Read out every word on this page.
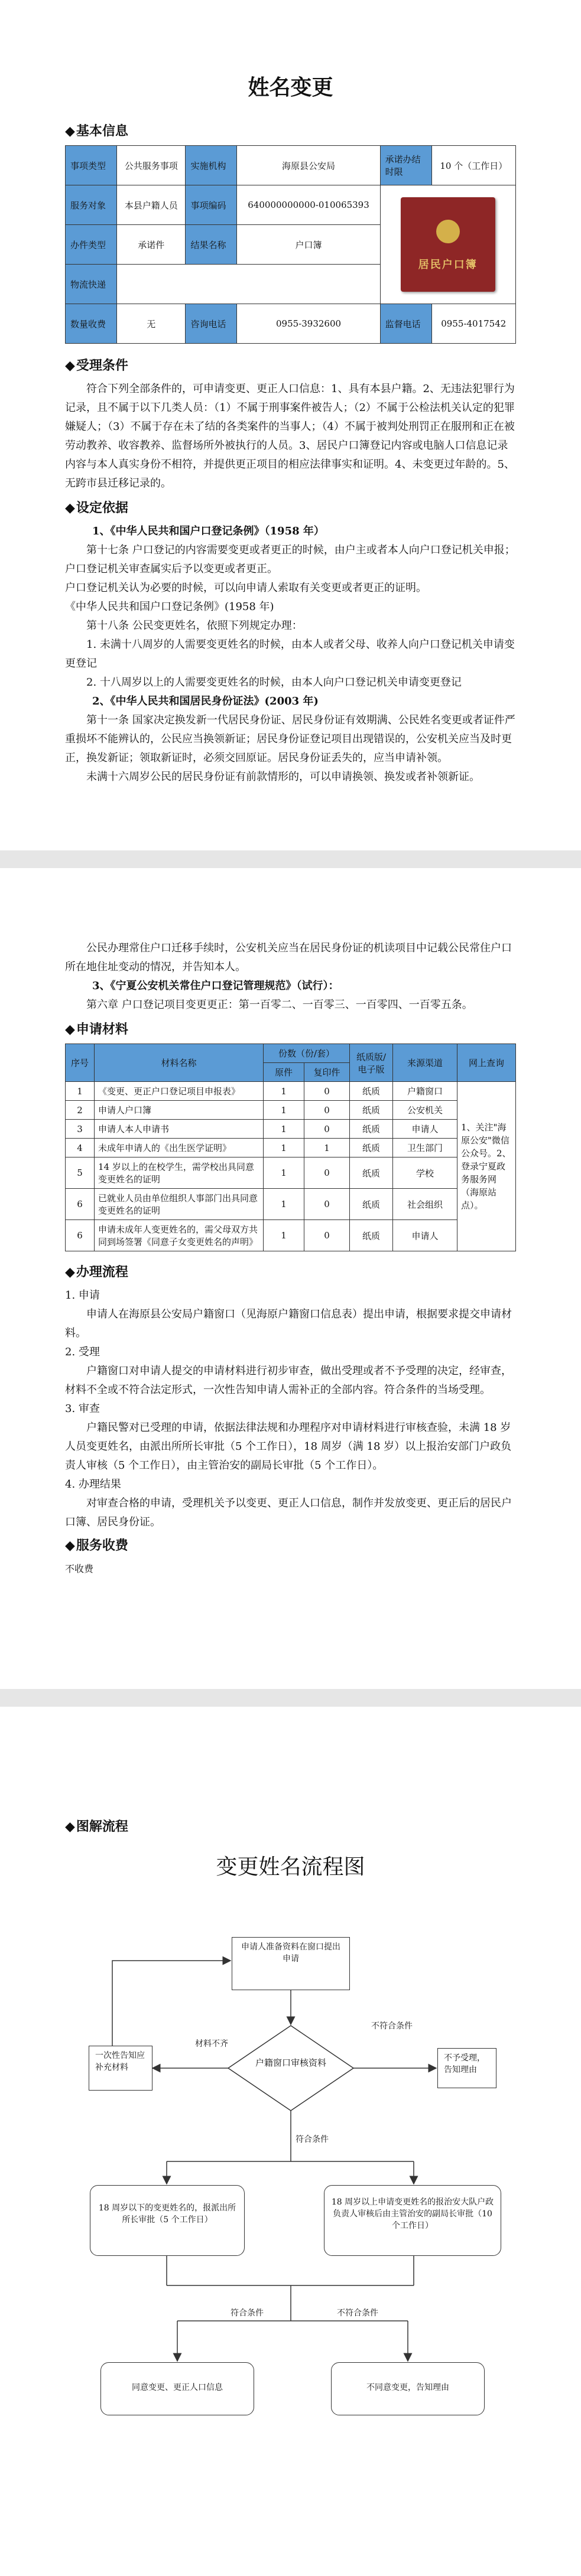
姓名变更
◆ 基本信息
事项类型	公共服务事项	实施机构	海原县公安局	承诺办结时限	10 个（工作日）
服务对象	本县户籍人员	事项编码	640000000000-010065393	居民户口簿	

办件类型	承诺件	结果名称	户口簿		
物流快递					
数量收费	无	咨询电话	0955-3932600	监督电话	0955-4017542
◆ 受理条件

符合下列全部条件的，可申请变更、更正人口信息：1、具有本县户籍。2、无违法犯罪行为记录，且不属于以下几类人员：（1）不属于刑事案件被告人；（2）不属于公检法机关认定的犯罪嫌疑人；（3）不属于存在未了结的各类案件的当事人；（4）不属于被判处刑罚正在服刑和正在被劳动教养、收容教养、监督场所外被执行的人员。3、居民户口簿登记内容或电脑人口信息记录内容与本人真实身份不相符，并提供更正项目的相应法律事实和证明。4、未变更过年龄的。5、无跨市县迁移记录的。

◆ 设定依据
1、《中华人民共和国户口登记条例》（1958 年）

第十七条 户口登记的内容需要变更或者更正的时候，由户主或者本人向户口登记机关申报；户口登记机关审查属实后予以变更或者更正。

户口登记机关认为必要的时候，可以向申请人索取有关变更或者更正的证明。

《中华人民共和国户口登记条例》(1958 年)

第十八条 公民变更姓名，依照下列规定办理：

1. 未满十八周岁的人需要变更姓名的时候，由本人或者父母、收养人向户口登记机关申请变更登记

2. 十八周岁以上的人需要变更姓名的时候，由本人向户口登记机关申请变更登记

2、《中华人民共和国居民身份证法》(2003 年)

第十一条 国家决定换发新一代居民身份证、居民身份证有效期满、公民姓名变更或者证件严重损坏不能辨认的，公民应当换领新证；居民身份证登记项目出现错误的，公安机关应当及时更正，换发新证；领取新证时，必须交回原证。居民身份证丢失的，应当申请补领。

未满十六周岁公民的居民身份证有前款情形的，可以申请换领、换发或者补领新证。

公民办理常住户口迁移手续时，公安机关应当在居民身份证的机读项目中记载公民常住户口所在地住址变动的情况，并告知本人。

3、《宁夏公安机关常住户口登记管理规范》（试行）：

第六章 户口登记项目变更更正：第一百零二、一百零三、一百零四、一百零五条。

◆ 申请材料
序号	材料名称	份数（份/套）		纸质版/电子版	来源渠道	网上查询
		原件	复印件			
1	《变更、更正户口登记项目申报表》	1	0	纸质	户籍窗口	1、关注"海原公安"微信公众号。2、登录宁夏政务服务网（海原站点）。
2	申请人户口簿	1	0	纸质	公安机关	
3	申请人本人申请书	1	0	纸质	申请人	
4	未成年申请人的《出生医学证明》	1	1	纸质	卫生部门	
5	14 岁以上的在校学生，需学校出具同意变更姓名的证明	1	0	纸质	学校	
6	已就业人员由单位组织人事部门出具同意变更姓名的证明	1	0	纸质	社会组织	
6	申请未成年人变更姓名的，需父母双方共同到场签署《同意子女变更姓名的声明》	1	0	纸质	申请人	
◆ 办理流程

1. 申请

申请人在海原县公安局户籍窗口（见海原户籍窗口信息表）提出申请，根据要求提交申请材料。

2. 受理

户籍窗口对申请人提交的申请材料进行初步审查，做出受理或者不予受理的决定，经审查，材料不全或不符合法定形式，一次性告知申请人需补正的全部内容。符合条件的当场受理。

3. 审查

户籍民警对已受理的申请，依据法律法规和办理程序对申请材料进行审核查验，未满 18 岁人员变更姓名，由派出所所长审批（5 个工作日），18 周岁（满 18 岁）以上报治安部门户政负责人审核（5 个工作日），由主管治安的副局长审批（5 个工作日）。

4. 办理结果

对审查合格的申请，受理机关予以变更、更正人口信息，制作并发放变更、更正后的居民户口簿、居民身份证。

◆ 服务收费

不收费

◆ 图解流程
变更姓名流程图
申请人准备资料在窗口提出申请
户籍窗口审核资料
一次性告知应补充材料
不予受理，告知理由
18 周岁以下的变更姓名的，报派出所所长审批（5 个工作日）
18 周岁以上申请变更姓名的报治安大队户政负责人审核后由主管治安的副局长审批（10 个工作日）
同意变更、更正人口信息	不同意变更，告知理由
材料不齐
不符合条件
符合条件
符合条件	不符合条件
